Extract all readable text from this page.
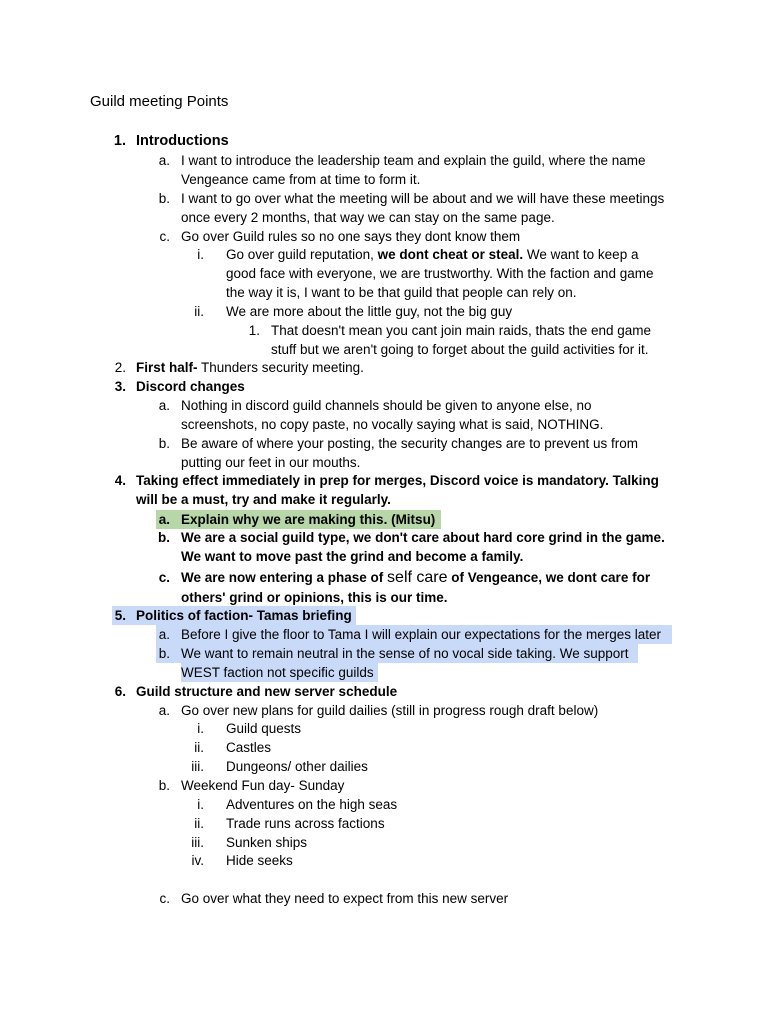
Guild meeting Points
1. Introductions
a. I want to introduce the leadership team and explain the guild, where the name
Vengeance came from at time to form it.
b. I want to go over what the meeting will be about and we will have these meetings
once every 2 months, that way we can stay on the same page.
c. Go over Guild rules so no one says they dont know them
i. Go over guild reputation, we dont cheat or steal. We want to keep a
good face with everyone, we are trustworthy. With the faction and game
the way it is, I want to be that guild that people can rely on.
ii. We are more about the little guy, not the big guy
1. That doesn't mean you cant join main raids, thats the end game
stuff but we aren't going to forget about the guild activities for it.
2. First half- Thunders security meeting.
3. Discord changes
a. Nothing in discord guild channels should be given to anyone else, no
screenshots, no copy paste, no vocally saying what is said, NOTHING.
b. Be aware of where your posting, the security changes are to prevent us from
putting our feet in our mouths.
4. Taking effect immediately in prep for merges, Discord voice is mandatory. Talking
will be a must, try and make it regularly.
a. Explain why we are making this. (Mitsu)
b. We are a social guild type, we don't care about hard core grind in the game.
We want to move past the grind and become a family.
c. We are now entering a phase of self care of Vengeance, we dont care for
others' grind or opinions, this is our time.
5. Politics of faction- Tamas briefing
a. Before I give the floor to Tama I will explain our expectations for the merges later
b. We want to remain neutral in the sense of no vocal side taking. We support
WEST faction not specific guilds
6. Guild structure and new server schedule
a. Go over new plans for guild dailies (still in progress rough draft below)
i. Guild quests
ii. Castles
iii. Dungeons/ other dailies
b. Weekend Fun day- Sunday
i. Adventures on the high seas
ii. Trade runs across factions
iii. Sunken ships
iv. Hide seeks
c. Go over what they need to expect from this new server
